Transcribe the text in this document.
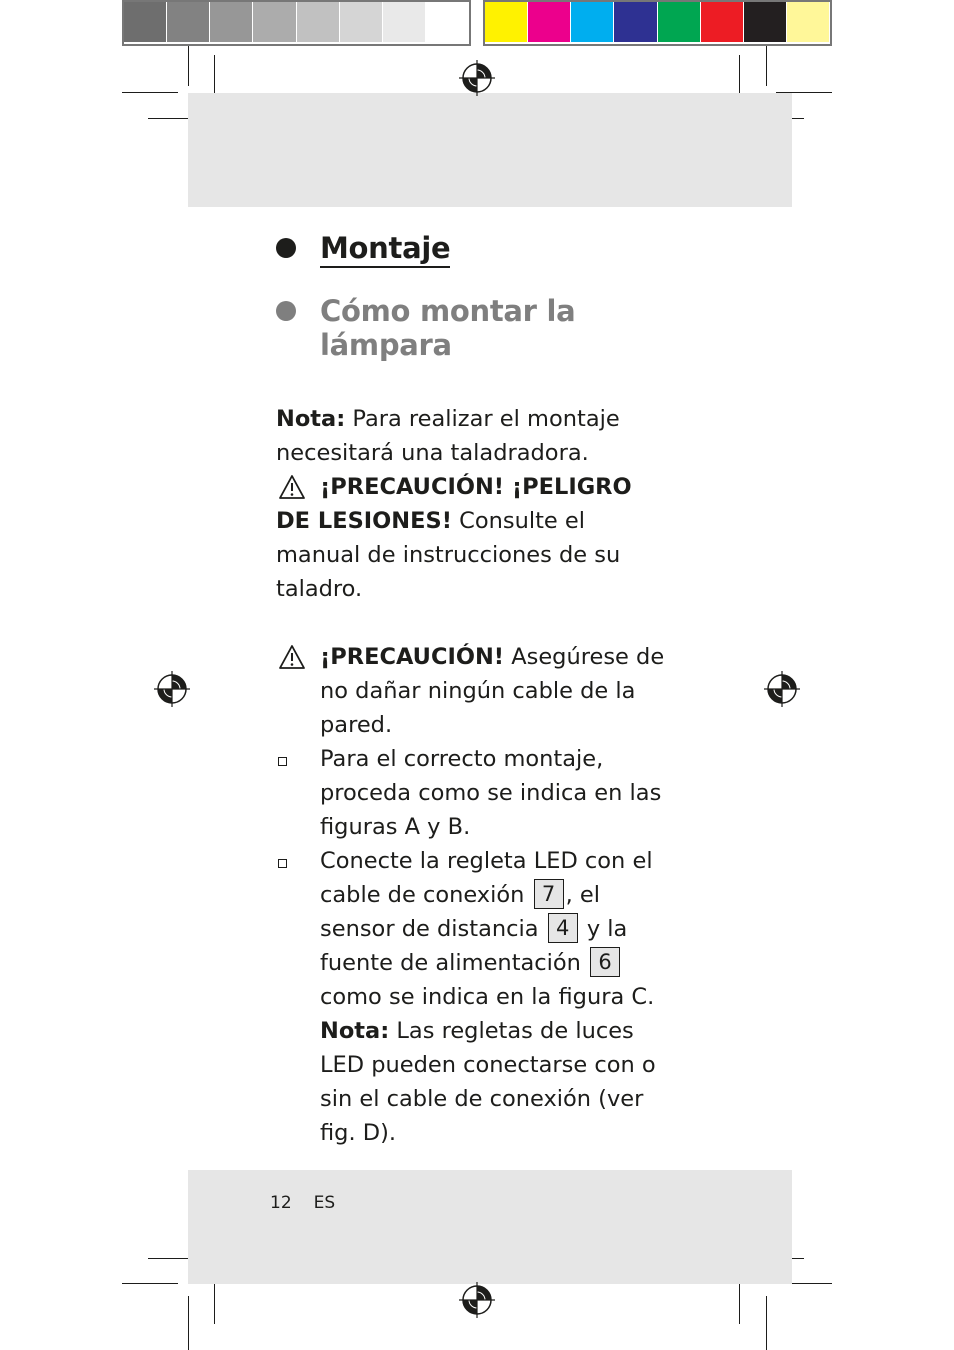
Montaje
Cómo montar la lámpara

Nota: Para realizar el montaje necesitará una taladradora.

¡PRECAUCIÓN! ¡PELIGRO

DE LESIONES! Consulte el manual de instrucciones de su taladro.

¡PRECAUCIÓN! Asegúrese de no dañar ningún cable de la pared.
Para el correcto montaje, proceda como se indica en las figuras A y B.
Conecte la regleta LED con el cable de conexión 7 , el sensor de distancia 4 y la fuente de alimentación 6 como se indica en la figura C.
Nota: Las regletas de luces LED pueden conectarse con o sin el cable de conexión (ver fig. D).
12 ES
